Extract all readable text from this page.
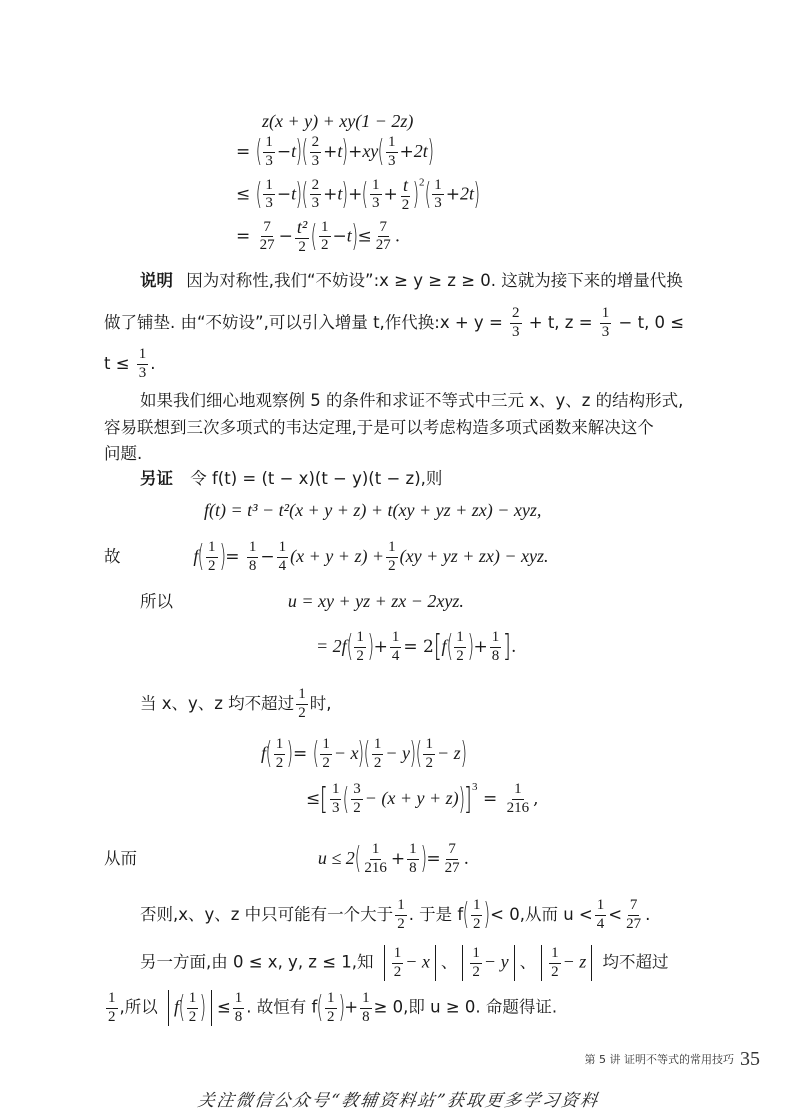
z(x + y) + xy(1 − 2z)
= ( $\frac{1}{3} -t)( \frac{2}{3} +t)+xy( \frac{1}{3} +2t)$
≤ ( $\frac{1}{3} -t)( \frac{2}{3} +t)+( \frac{1}{3} + \frac{t}{2} )^2( \frac{1}{3} +2t)$
= $\frac{7}{27} - \frac{\text{t²}}{2}$ ( $\frac{1}{2} -t)\le \frac{7}{27}$ .
说明 因为对称性,我们“不妨设”:x ≥ y ≥ z ≥ 0. 这就为接下来的增量代换
做了铺垫. 由“不妨设”,可以引入增量 t,作代换:x + $y = \frac{2}{3} + t$, $z = \frac{1}{3} - t$, 0 ≤
$t \le \frac{1}{3}$ .
如果我们细心地观察例 5 的条件和求证不等式中三元 x、y、z 的结构形式,
容易联想到三次多项式的韦达定理,于是可以考虑构造多项式函数来解决这个
问题.
另证 令 f(t) = (t − x)(t − y)(t − z),则
f(t) = t³ − t²(x + y + z) + t(xy + yz + zx) − xyz,
故	$f( \frac{1}{2}$ )= $\frac{1}{8} - \frac{1}{4} (x + y + z) + \frac{1}{2} (xy$ + yz + zx) − xyz.
所以	u = xy + yz + zx − 2xyz.
= $2f( \frac{1}{2}$ )+ $\frac{1}{4} = 2[f( \frac{1}{2}$ )+ $\frac{1}{8}$ ].
当 x、y、z 均不超过 $\frac{1}{2}$ 时,
$f( \frac{1}{2}$ )= ( $\frac{1}{2} - x)( \frac{1}{2} - y)( \frac{1}{2} - z)$
≤[ $\frac{1}{3}$ ( $\frac{3}{2} - (x + y + z))]^3 = \frac{1}{216}$ ,
从而	$u \le 2( \frac{1}{216} + \frac{1}{8}$ )= $\frac{7}{27}$ .
否则,x、y、z 中只可能有一个大于 $\frac{1}{2}$ . 于是 $f( \frac{1}{2}$ )< 0,从而 $u < \frac{1}{4} < \frac{7}{27}$ .
另一方面,由 0 ≤ x, y, z ≤ 1,知 $\frac{1}{2} - x$ 、 $\frac{1}{2} - y$ 、 $\frac{1}{2} - z$ 均不超过
$\frac{1}{2}$ ,所以 $f( \frac{1}{2}$ ) ≤ $\frac{1}{8}$ . 故恒有 $f( \frac{1}{2}$ )+ $\frac{1}{8} \ge 0$,即 u ≥ 0. 命题得证.
第 5 讲 证明不等式的常用技巧 35
关注微信公众号“教辅资料站”获取更多学习资料
